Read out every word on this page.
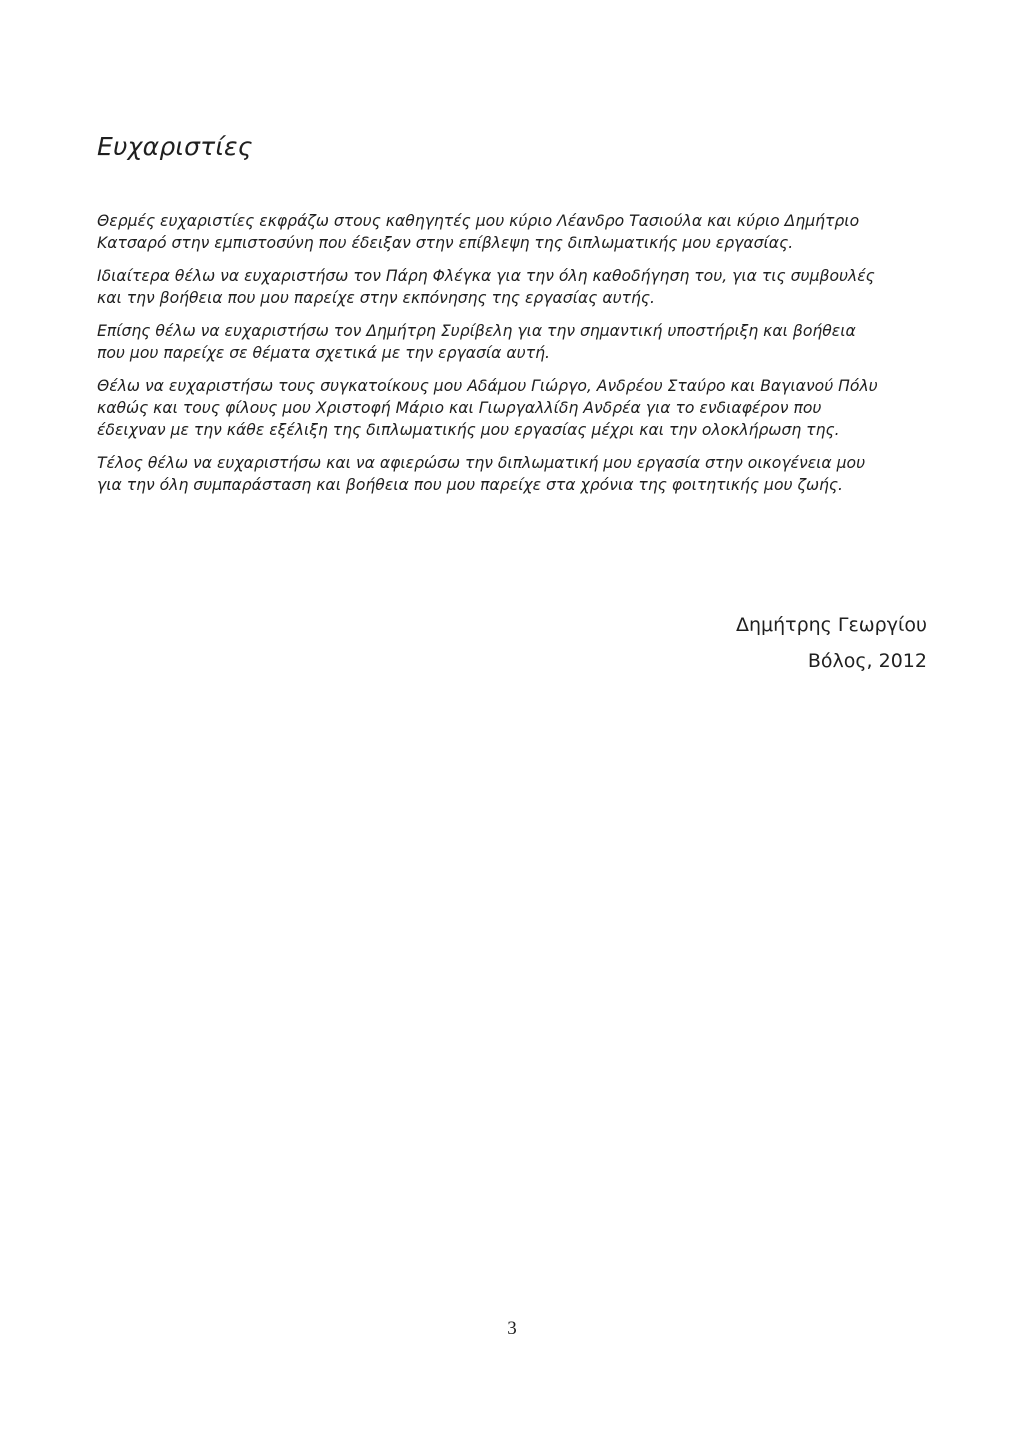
Ευχαριστίες

Θερμές ευχαριστίες εκφράζω στους καθηγητές μου κύριο Λέανδρο Τασιούλα και κύριο Δημήτριο
Κατσαρό στην εμπιστοσύνη που έδειξαν στην επίβλεψη της διπλωματικής μου εργασίας.

Ιδιαίτερα θέλω να ευχαριστήσω τον Πάρη Φλέγκα για την όλη καθοδήγηση του, για τις συμβουλές
και την βοήθεια που μου παρείχε στην εκπόνησης της εργασίας αυτής.

Επίσης θέλω να ευχαριστήσω τον Δημήτρη Συρίβελη για την σημαντική υποστήριξη και βοήθεια
που μου παρείχε σε θέματα σχετικά με την εργασία αυτή.

Θέλω να ευχαριστήσω τους συγκατοίκους μου Αδάμου Γιώργο, Ανδρέου Σταύρο και Βαγιανού Πόλυ
καθώς και τους φίλους μου Χριστοφή Μάριο και Γιωργαλλίδη Ανδρέα για το ενδιαφέρον που
έδειχναν με την κάθε εξέλιξη της διπλωματικής μου εργασίας μέχρι και την ολοκλήρωση της.

Τέλος θέλω να ευχαριστήσω και να αφιερώσω την διπλωματική μου εργασία στην οικογένεια μου
για την όλη συμπαράσταση και βοήθεια που μου παρείχε στα χρόνια της φοιτητικής μου ζωής.

Δημήτρης Γεωργίου
Βόλος, 2012
3
